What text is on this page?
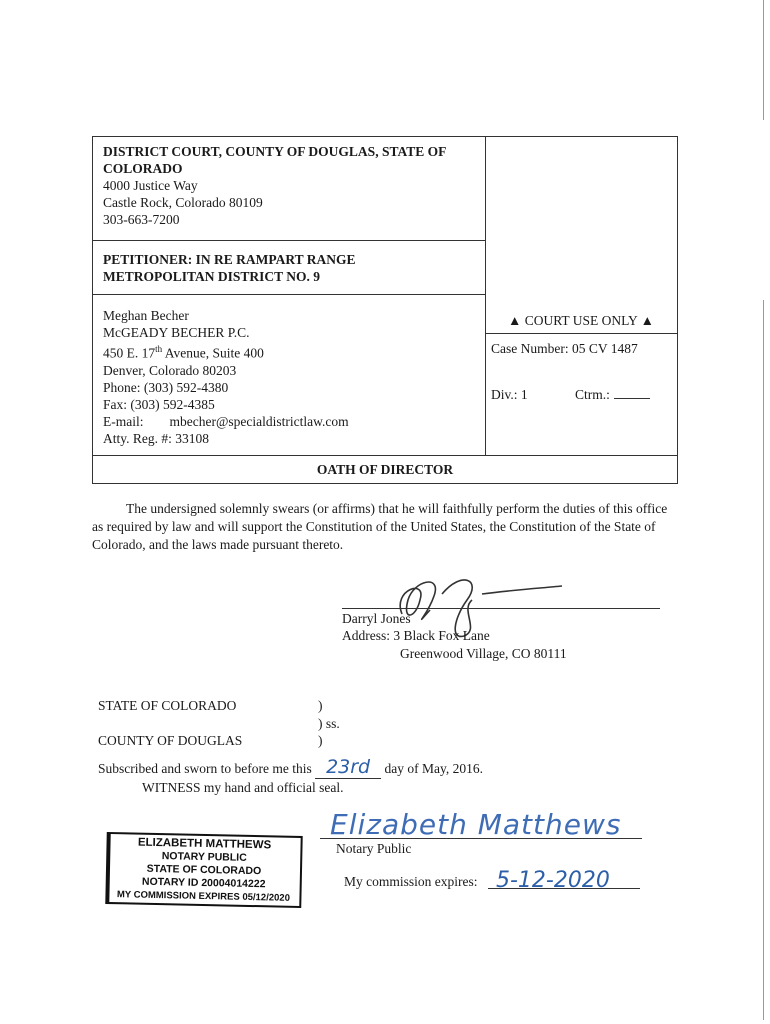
DISTRICT COURT, COUNTY OF DOUGLAS, STATE OF
COLORADO
4000 Justice Way
Castle Rock, Colorado 80109
303-663-7200
PETITIONER: IN RE RAMPART RANGE
METROPOLITAN DISTRICT NO. 9
Meghan Becher
McGEADY BECHER P.C.
450 E. 17th Avenue, Suite 400
Denver, Colorado 80203
Phone: (303) 592-4380
Fax: (303) 592-4385
E-mail: mbecher@specialdistrictlaw.com
Atty. Reg. #: 33108
▲ COURT USE ONLY ▲
Case Number: 05 CV 1487
Div.: 1	Ctrm.:
OATH OF DIRECTOR
The undersigned solemnly swears (or affirms) that he will faithfully perform the duties of this office as required by law and will support the Constitution of the United States, the Constitution of the State of Colorado, and the laws made pursuant thereto.
Darryl Jones
Address: 3 Black Fox Lane
Greenwood Village, CO 80111
STATE OF COLORADO	)
) ss.
COUNTY OF DOUGLAS	)
Subscribed and sworn to before me this 23rd day of May, 2016.
WITNESS my hand and official seal.
ELIZABETH MATTHEWS
NOTARY PUBLIC
STATE OF COLORADO
NOTARY ID 20004014222
MY COMMISSION EXPIRES 05/12/2020
Elizabeth Matthews
Notary Public
My commission expires: 5-12-2020
